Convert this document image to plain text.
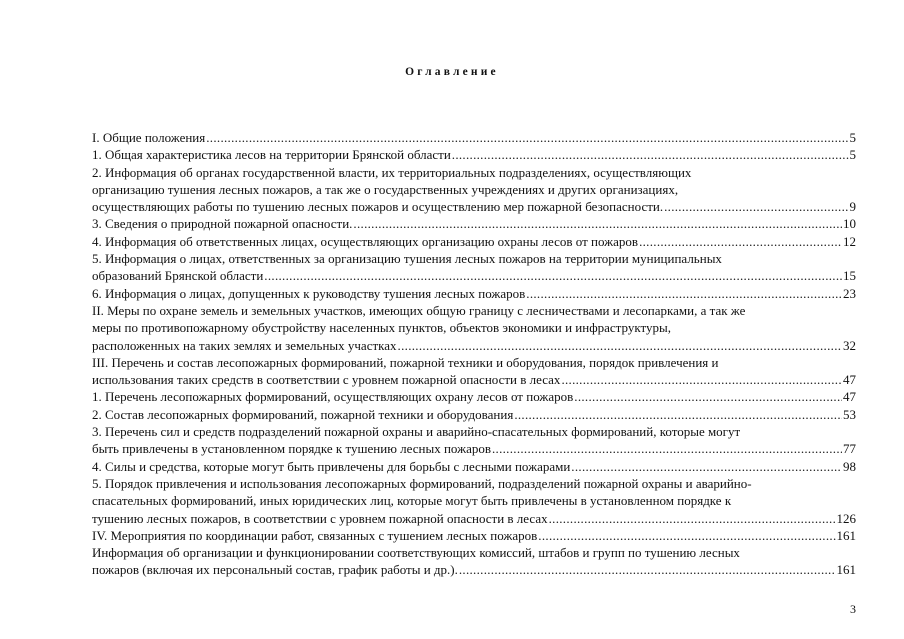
Оглавление
I. Общие положения .....	5
1. Общая характеристика лесов на территории Брянской области .....	5
2. Информация об органах государственной власти, их территориальных подразделениях, осуществляющих
организацию тушения лесных пожаров, а так же о государственных учреждениях и других организациях,
осуществляющих работы по тушению лесных пожаров и осуществлению мер пожарной безопасности. .....	9
3. Сведения о природной пожарной опасности. .....	10
4. Информация об ответственных лицах, осуществляющих организацию охраны лесов от пожаров .....	12
5. Информация о лицах, ответственных за организацию тушения лесных пожаров на территории муниципальных
образований Брянской области .....	15
6. Информация о лицах, допущенных к руководству тушения лесных пожаров .....	23
II. Меры по охране земель и земельных участков, имеющих общую границу с лесничествами и лесопарками, а так же
меры по противопожарному обустройству населенных пунктов, объектов экономики и инфраструктуры,
расположенных на таких землях и земельных участках .....	32
III. Перечень и состав лесопожарных формирований, пожарной техники и оборудования, порядок привлечения и
использования таких средств в соответствии с уровнем пожарной опасности в лесах .....	47
1. Перечень лесопожарных формирований, осуществляющих охрану лесов от пожаров .....	47
2. Состав лесопожарных формирований, пожарной техники и оборудования .....	53
3. Перечень сил и средств подразделений пожарной охраны и аварийно-спасательных формирований, которые могут
быть привлечены в установленном порядке к тушению лесных пожаров .....	77
4. Силы и средства, которые могут быть привлечены для борьбы с лесными пожарами .....	98
5. Порядок привлечения и использования лесопожарных формирований, подразделений пожарной охраны и аварийно-
спасательных формирований, иных юридических лиц, которые могут быть привлечены в установленном порядке к
тушению лесных пожаров, в соответствии с уровнем пожарной опасности в лесах .....	126
IV. Мероприятия по координации работ, связанных с тушением лесных пожаров .....	161
Информация об организации и функционировании соответствующих комиссий, штабов и групп по тушению лесных
пожаров (включая их персональный состав, график работы и др.). .....	161
3
